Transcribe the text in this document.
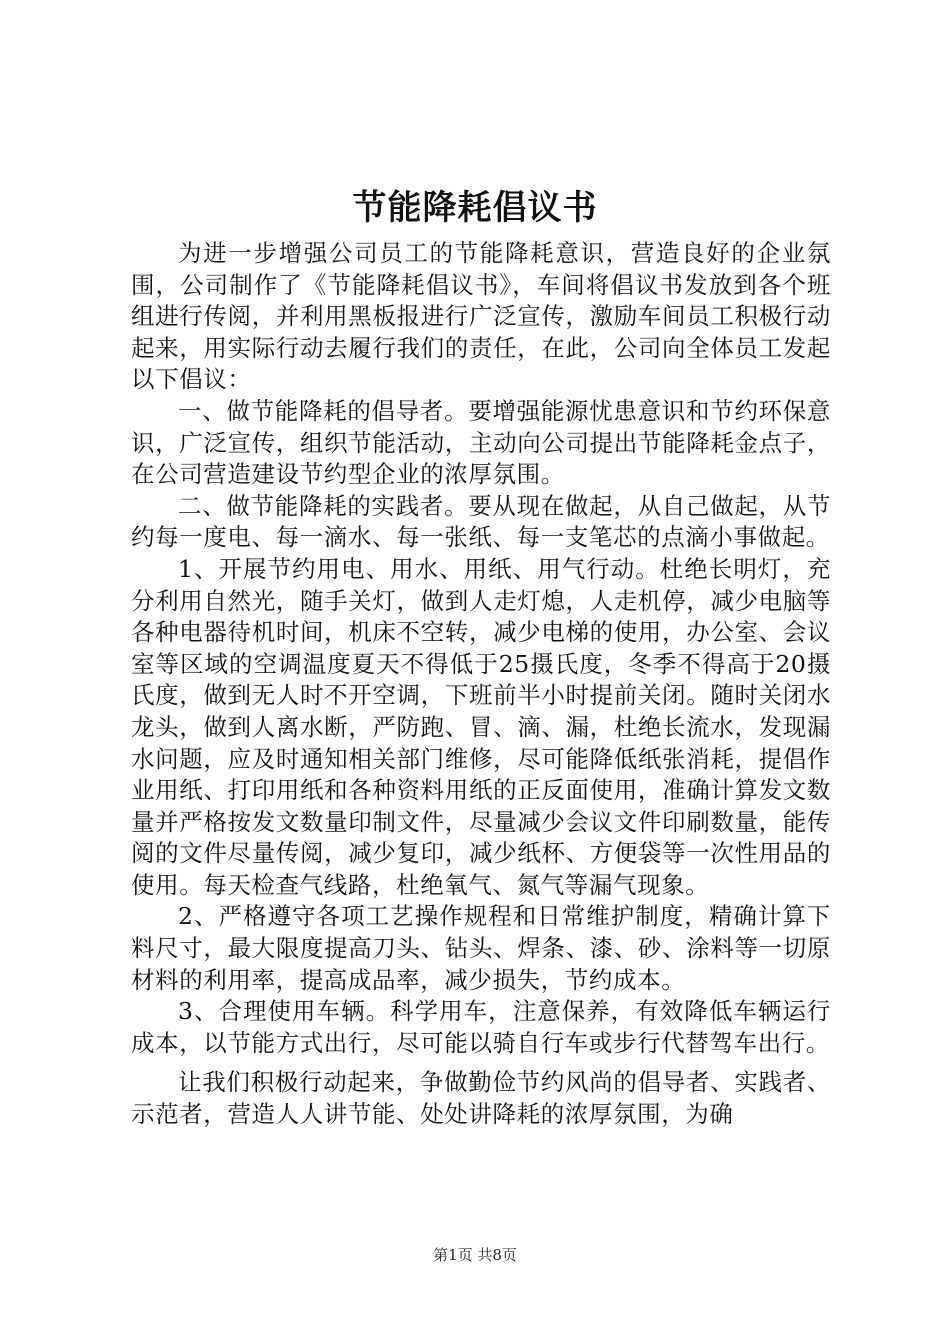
节能降耗倡议书

为进一步增强公司员工的节能降耗意识，营造良好的企业氛围，公司制作了《节能降耗倡议书》，车间将倡议书发放到各个班组进行传阅，并利用黑板报进行广泛宣传，激励车间员工积极行动起来，用实际行动去履行我们的责任，在此，公司向全体员工发起以下倡议：

一、做节能降耗的倡导者。要增强能源忧患意识和节约环保意识，广泛宣传，组织节能活动，主动向公司提出节能降耗金点子，在公司营造建设节约型企业的浓厚氛围。

二、做节能降耗的实践者。要从现在做起，从自己做起，从节约每一度电、每一滴水、每一张纸、每一支笔芯的点滴小事做起。

1、开展节约用电、用水、用纸、用气行动。杜绝长明灯，充分利用自然光，随手关灯，做到人走灯熄，人走机停，减少电脑等各种电器待机时间，机床不空转，减少电梯的使用，办公室、会议室等区域的空调温度夏天不得低于25摄氏度，冬季不得高于20摄氏度，做到无人时不开空调，下班前半小时提前关闭。随时关闭水龙头，做到人离水断，严防跑、冒、滴、漏，杜绝长流水，发现漏水问题，应及时通知相关部门维修，尽可能降低纸张消耗，提倡作业用纸、打印用纸和各种资料用纸的正反面使用，准确计算发文数量并严格按发文数量印制文件，尽量减少会议文件印刷数量，能传阅的文件尽量传阅，减少复印，减少纸杯、方便袋等一次性用品的使用。每天检查气线路，杜绝氧气、氮气等漏气现象。

2、严格遵守各项工艺操作规程和日常维护制度，精确计算下料尺寸，最大限度提高刀头、钻头、焊条、漆、砂、涂料等一切原材料的利用率，提高成品率，减少损失，节约成本。

3、合理使用车辆。科学用车，注意保养，有效降低车辆运行成本，以节能方式出行，尽可能以骑自行车或步行代替驾车出行。

让我们积极行动起来，争做勤俭节约风尚的倡导者、实践者、示范者，营造人人讲节能、处处讲降耗的浓厚氛围，为确

第1页 共8页
